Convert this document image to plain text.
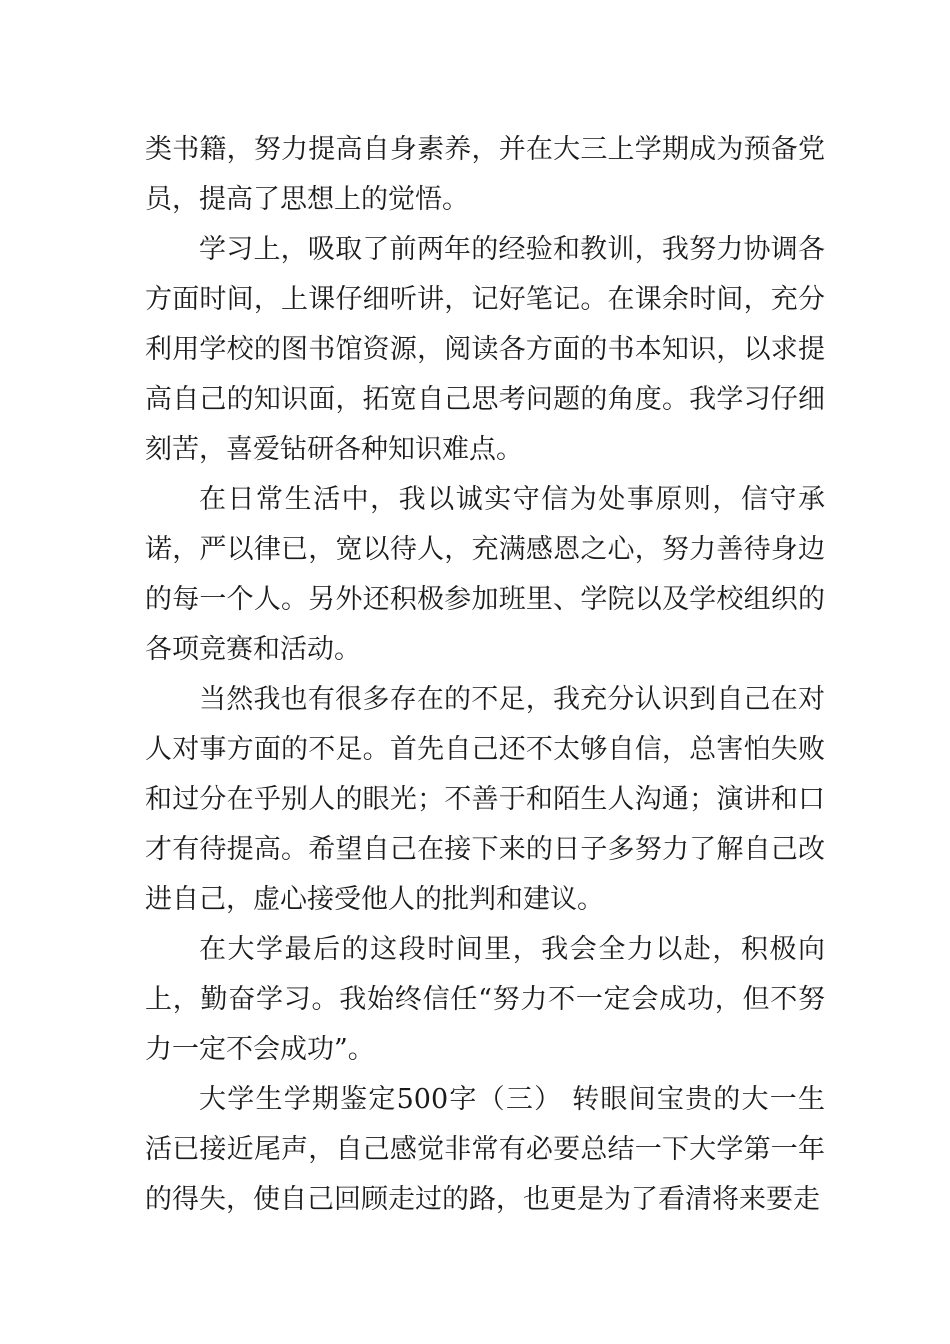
类书籍，努力提高自身素养，并在大三上学期成为预备党员，提高了思想上的觉悟。

学习上，吸取了前两年的经验和教训，我努力协调各方面时间，上课仔细听讲，记好笔记。在课余时间，充分利用学校的图书馆资源，阅读各方面的书本知识，以求提高自己的知识面，拓宽自己思考问题的角度。我学习仔细刻苦，喜爱钻研各种知识难点。

在日常生活中，我以诚实守信为处事原则，信守承诺，严以律已，宽以待人，充满感恩之心，努力善待身边的每一个人。另外还积极参加班里、学院以及学校组织的各项竞赛和活动。

当然我也有很多存在的不足，我充分认识到自己在对人对事方面的不足。首先自己还不太够自信，总害怕失败和过分在乎别人的眼光；不善于和陌生人沟通；演讲和口才有待提高。希望自己在接下来的日子多努力了解自己改进自己，虚心接受他人的批判和建议。

在大学最后的这段时间里，我会全力以赴，积极向上，勤奋学习。我始终信任“努力不一定会成功，但不努力一定不会成功”。

大学生学期鉴定500字（三） 转眼间宝贵的大一生活已接近尾声，自己感觉非常有必要总结一下大学第一年的得失，使自己回顾走过的路，也更是为了看清将来要走
